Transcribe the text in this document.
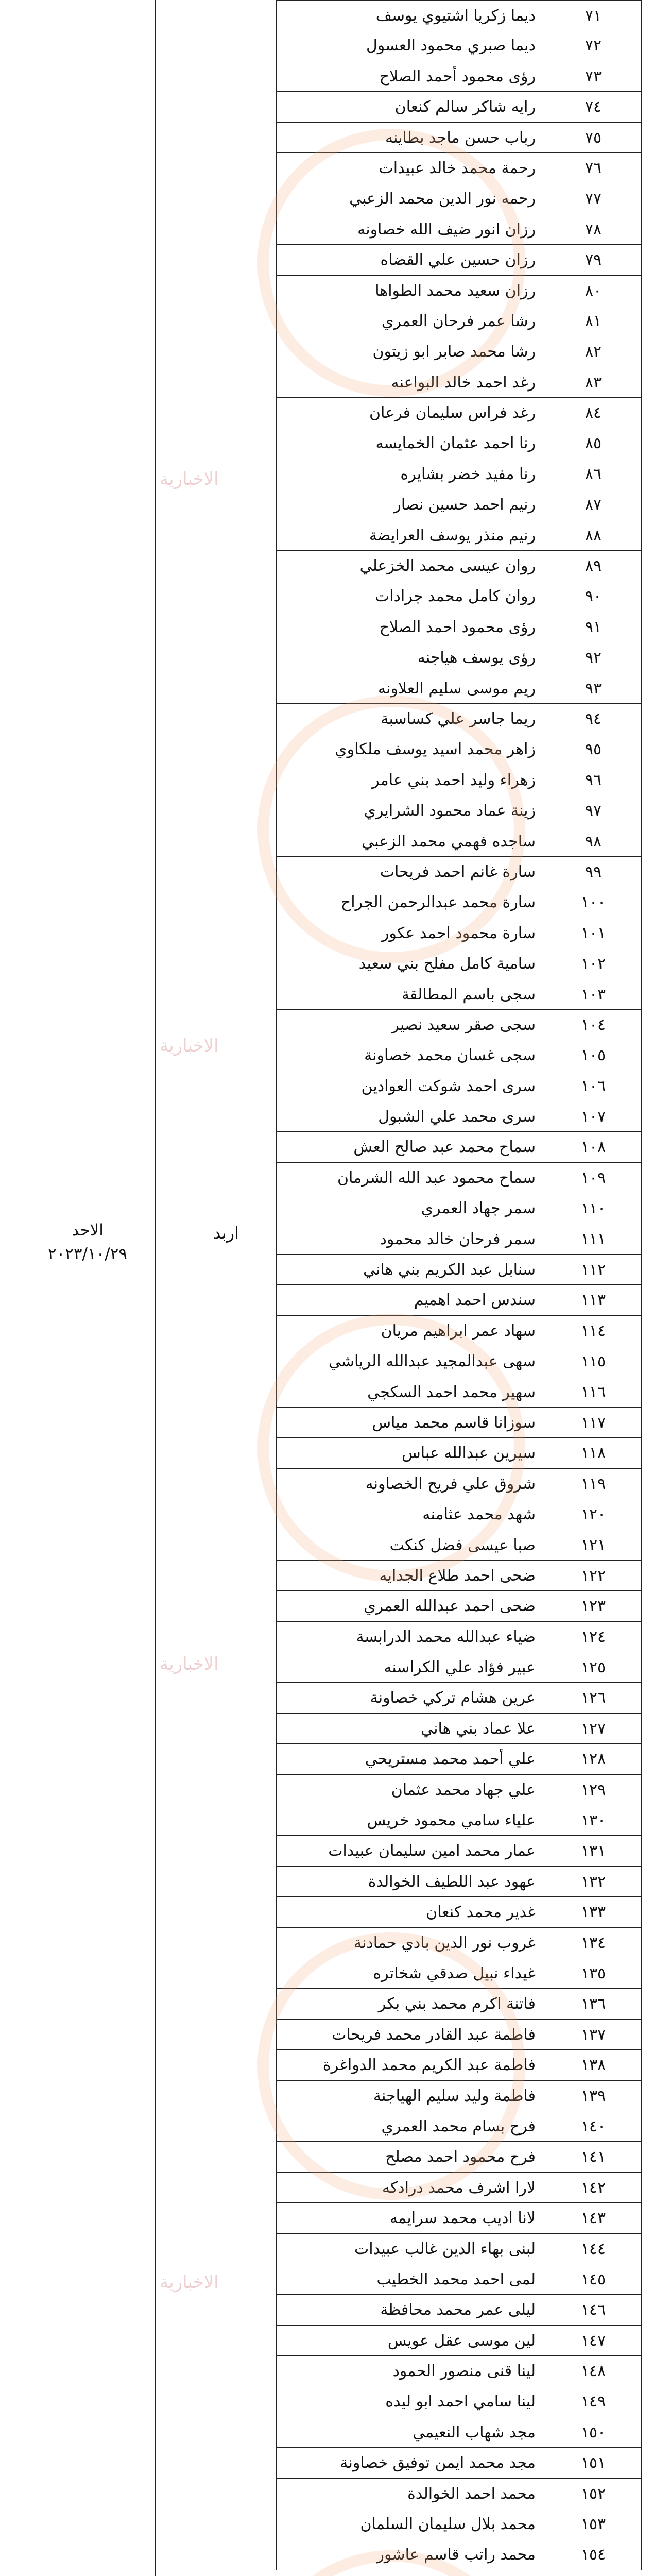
الاحد
٢٠٢٣/١٠/٢٩
اربد
٧١
ديما زكريا اشتيوي يوسف
٧٢
ديما صبري محمود العسول
٧٣
رؤى محمود أحمد الصلاح
٧٤
رايه شاكر سالم كنعان
٧٥
رباب حسن ماجد بطاينه
٧٦
رحمة محمد خالد عبيدات
٧٧
رحمه نور الدين محمد الزعبي
٧٨
رزان انور ضيف الله خصاونه
٧٩
رزان حسين علي القضاه
٨٠
رزان سعيد محمد الطواها
٨١
رشا عمر فرحان العمري
٨٢
رشا محمد صابر ابو زيتون
٨٣
رغد احمد خالد البواعنه
٨٤
رغد فراس سليمان فرعان
٨٥
رنا احمد عثمان الخمايسه
٨٦
رنا مفيد خضر بشايره
٨٧
رنيم احمد حسين نصار
٨٨
رنيم منذر يوسف العرايضة
٨٩
روان عيسى محمد الخزعلي
٩٠
روان كامل محمد جرادات
٩١
رؤى محمود احمد الصلاح
٩٢
رؤى يوسف هياجنه
٩٣
ريم موسى سليم العلاونه
٩٤
ريما جاسر علي كساسبة
٩٥
زاهر محمد اسيد يوسف ملكاوي
٩٦
زهراء وليد احمد بني عامر
٩٧
زينة عماد محمود الشرايري
٩٨
ساجده فهمي محمد الزعبي
٩٩
سارة غانم احمد فريحات
١٠٠
سارة محمد عبدالرحمن الجراح
١٠١
سارة محمود احمد عكور
١٠٢
سامية كامل مفلح بني سعيد
١٠٣
سجى باسم المطالقة
١٠٤
سجى صقر سعيد نصير
١٠٥
سجى غسان محمد خصاونة
١٠٦
سرى احمد شوكت العوادين
١٠٧
سرى محمد علي الشبول
١٠٨
سماح محمد عبد صالح العش
١٠٩
سماح محمود عبد الله الشرمان
١١٠
سمر جهاد العمري
١١١
سمر فرحان خالد محمود
١١٢
سنابل عبد الكريم بني هاني
١١٣
سندس احمد اهميم
١١٤
سهاد عمر ابراهيم مريان
١١٥
سهى عبدالمجيد عبدالله الرياشي
١١٦
سهير محمد احمد السكجي
١١٧
سوزانا قاسم محمد مياس
١١٨
سيرين عبدالله عباس
١١٩
شروق علي فريح الخصاونه
١٢٠
شهد محمد عثامنه
١٢١
صبا عيسى فضل كنكت
١٢٢
ضحى احمد طلاع الجدايه
١٢٣
ضحى احمد عبدالله العمري
١٢٤
ضياء عبدالله محمد الدرابسة
١٢٥
عبير فؤاد علي الكراسنه
١٢٦
عرين هشام تركي خصاونة
١٢٧
علا عماد بني هاني
١٢٨
علي أحمد محمد مستريحي
١٢٩
علي جهاد محمد عثمان
١٣٠
علياء سامي محمود خريس
١٣١
عمار محمد امين سليمان عبيدات
١٣٢
عهود عبد اللطيف الخوالدة
١٣٣
غدير محمد كنعان
١٣٤
غروب نور الدين بادي حمادنة
١٣٥
غيداء نبيل صدقي شخاتره
١٣٦
فاتنة اكرم محمد بني بكر
١٣٧
فاطمة عبد القادر محمد فريحات
١٣٨
فاطمة عبد الكريم محمد الدواغرة
١٣٩
فاطمة وليد سليم الهياجنة
١٤٠
فرح بسام محمد العمري
١٤١
فرح محمود احمد مصلح
١٤٢
لارا اشرف محمد درادكه
١٤٣
لانا اديب محمد سرايمه
١٤٤
لبنى بهاء الدين غالب عبيدات
١٤٥
لمى احمد محمد الخطيب
١٤٦
ليلى عمر محمد محافظة
١٤٧
لين موسى عقل عويس
١٤٨
لينا قنى منصور الحمود
١٤٩
لينا سامي احمد ابو ليده
١٥٠
مجد شهاب النعيمي
١٥١
مجد محمد ايمن توفيق خصاونة
١٥٢
محمد احمد الخوالدة
١٥٣
محمد بلال سليمان السلمان
١٥٤
محمد راتب قاسم عاشور
الاخبارية
الاخبارية
الاخبارية
الاخبارية
